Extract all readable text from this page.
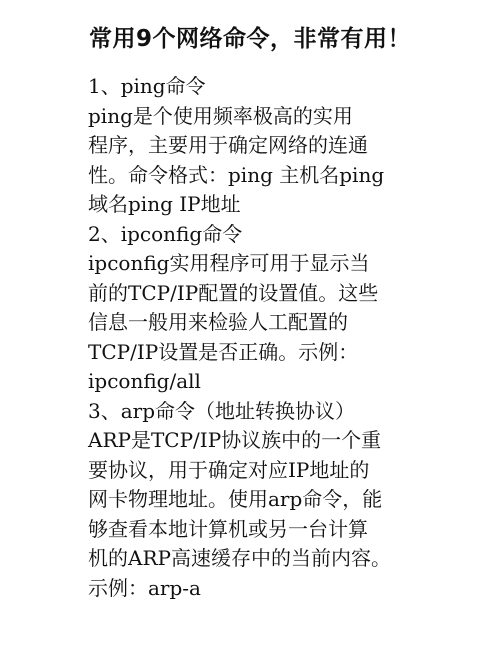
常用9个网络命令，非常有用！
1、ping命令
ping是个使用频率极高的实用
程序，主要用于确定网络的连通
性。命令格式：ping 主机名ping
域名ping IP地址
2、ipconfig命令
ipconfig实用程序可用于显示当
前的TCP/IP配置的设置值。这些
信息一般用来检验人工配置的
TCP/IP设置是否正确。示例：
ipconfig/all
3、arp命令（地址转换协议）
ARP是TCP/IP协议族中的一个重
要协议，用于确定对应IP地址的
网卡物理地址。使用arp命令，能
够查看本地计算机或另一台计算
机的ARP高速缓存中的当前内容。
示例：arp-a
